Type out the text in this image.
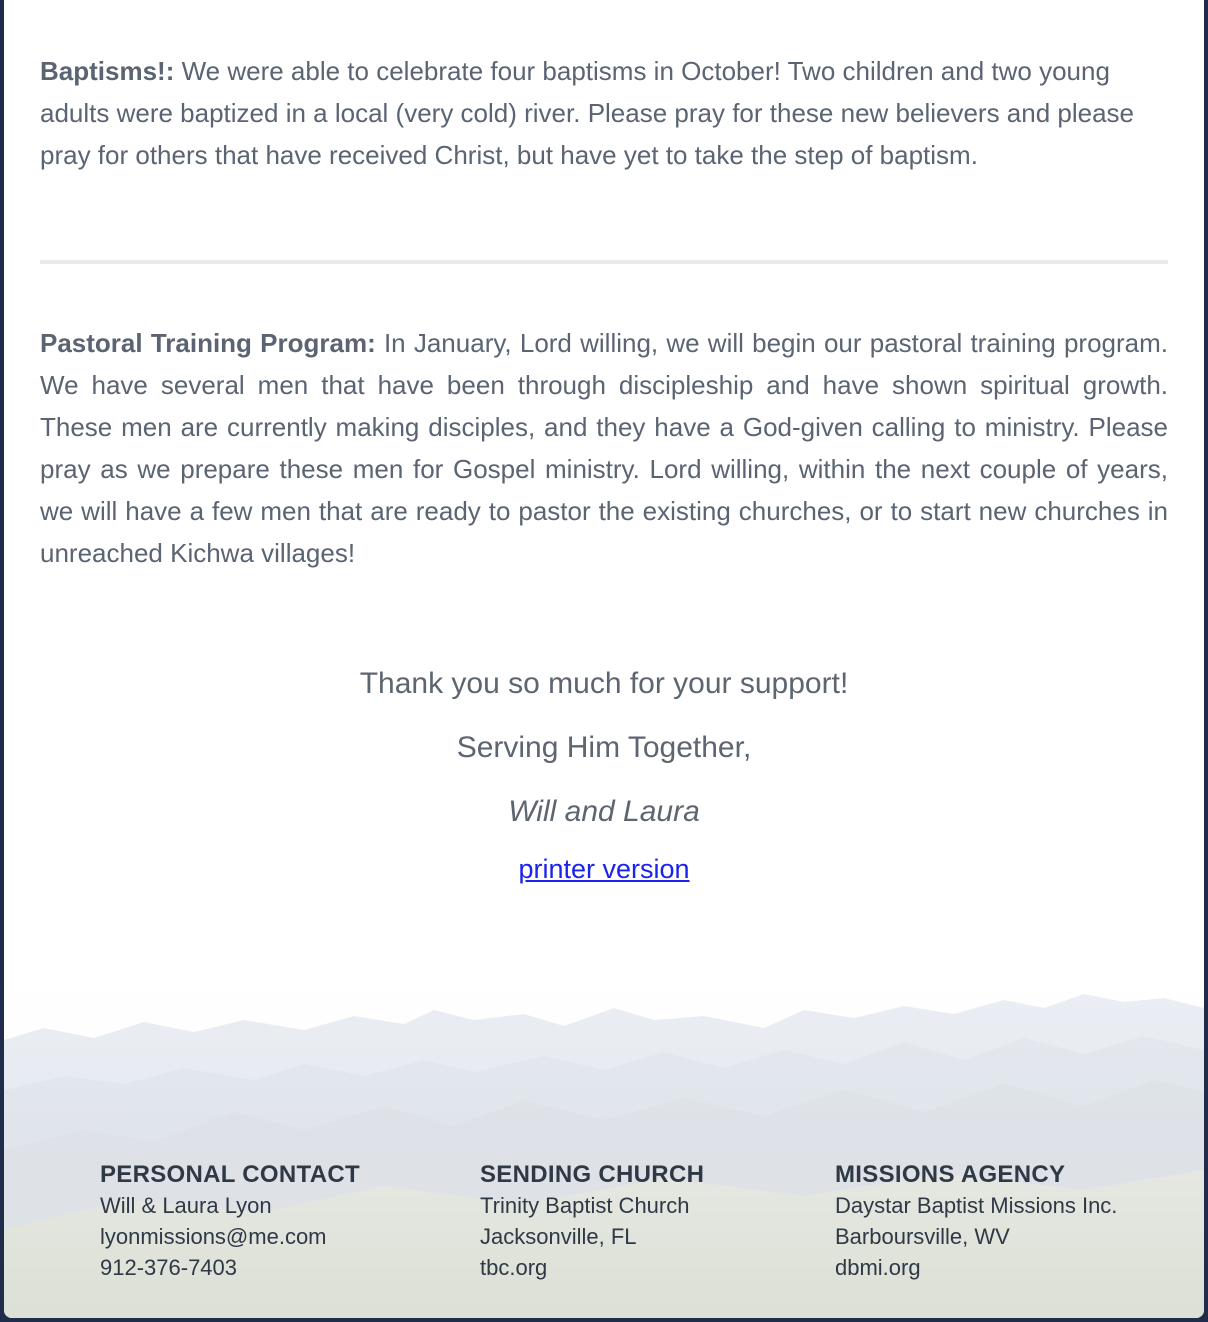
Baptisms!: We were able to celebrate four baptisms in October! Two children and two young adults were baptized in a local (very cold) river. Please pray for these new believers and please pray for others that have received Christ, but have yet to take the step of baptism.
Pastoral Training Program: In January, Lord willing, we will begin our pastoral training program. We have several men that have been through discipleship and have shown spiritual growth. These men are currently making disciples, and they have a God-given calling to ministry. Please pray as we prepare these men for Gospel ministry. Lord willing, within the next couple of years, we will have a few men that are ready to pastor the existing churches, or to start new churches in unreached Kichwa villages!
Thank you so much for your support!
Serving Him Together,
Will and Laura
printer version
PERSONAL CONTACT
Will & Laura Lyon
lyonmissions@me.com
912-376-7403
SENDING CHURCH
Trinity Baptist Church
Jacksonville, FL
tbc.org
MISSIONS AGENCY
Daystar Baptist Missions Inc.
Barboursville, WV
dbmi.org
